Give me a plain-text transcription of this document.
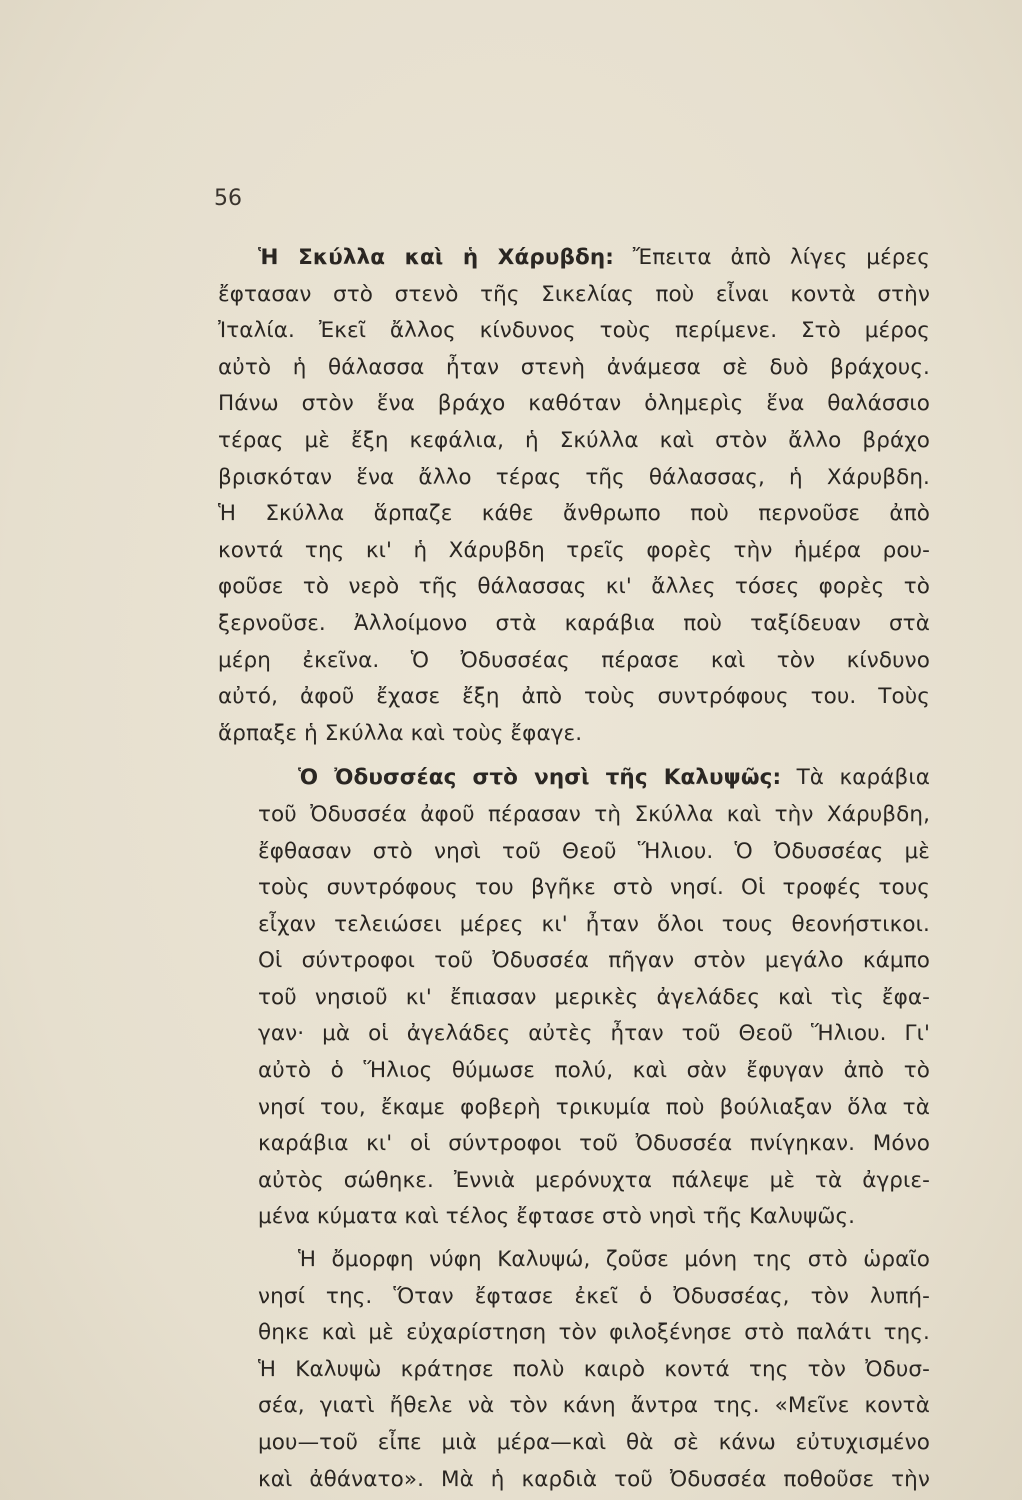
56
Ἡ Σκύλλα καὶ ἡ Χάρυβδη: Ἔπειτα ἀπὸ λίγες μέρες
ἔφτασαν στὸ στενὸ τῆς Σικελίας ποὺ εἶναι κοντὰ στὴν
Ἰταλία. Ἐκεῖ ἄλλος κίνδυνος τοὺς περίμενε. Στὸ μέρος
αὐτὸ ἡ θάλασσα ἦταν στενὴ ἀνάμεσα σὲ δυὸ βράχους.
Πάνω στὸν ἕνα βράχο καθόταν ὁλημερὶς ἕνα θαλάσσιο
τέρας μὲ ἔξη κεφάλια, ἡ Σκύλλα καὶ στὸν ἄλλο βράχο
βρισκόταν ἕνα ἄλλο τέρας τῆς θάλασσας, ἡ Χάρυβδη.
Ἡ Σκύλλα ἅρπαζε κάθε ἄνθρωπο ποὺ περνοῦσε ἀπὸ
κοντά της κι' ἡ Χάρυβδη τρεῖς φορὲς τὴν ἡμέρα ρου-
φοῦσε τὸ νερὸ τῆς θάλασσας κι' ἄλλες τόσες φορὲς τὸ
ξερνοῦσε. Ἀλλοίμονο στὰ καράβια ποὺ ταξίδευαν στὰ
μέρη ἐκεῖνα. Ὁ Ὀδυσσέας πέρασε καὶ τὸν κίνδυνο
αὐτό, ἀφοῦ ἔχασε ἔξη ἀπὸ τοὺς συντρόφους του. Τοὺς
ἅρπαξε ἡ Σκύλλα καὶ τοὺς ἔφαγε.
Ὁ Ὀδυσσέας στὸ νησὶ τῆς Καλυψῶς: Τὰ καράβια
τοῦ Ὀδυσσέα ἀφοῦ πέρασαν τὴ Σκύλλα καὶ τὴν Χάρυβδη,
ἔφθασαν στὸ νησὶ τοῦ Θεοῦ Ἥλιου. Ὁ Ὀδυσσέας μὲ
τοὺς συντρόφους του βγῆκε στὸ νησί. Οἱ τροφές τους
εἶχαν τελειώσει μέρες κι' ἦταν ὅλοι τους θεονήστικοι.
Οἱ σύντροφοι τοῦ Ὀδυσσέα πῆγαν στὸν μεγάλο κάμπο
τοῦ νησιοῦ κι' ἔπιασαν μερικὲς ἀγελάδες καὶ τὶς ἔφα-
γαν· μὰ οἱ ἀγελάδες αὐτὲς ἦταν τοῦ Θεοῦ Ἥλιου. Γι'
αὐτὸ ὁ Ἥλιος θύμωσε πολύ, καὶ σὰν ἔφυγαν ἀπὸ τὸ
νησί του, ἔκαμε φοβερὴ τρικυμία ποὺ βούλιαξαν ὅλα τὰ
καράβια κι' οἱ σύντροφοι τοῦ Ὀδυσσέα πνίγηκαν. Μόνο
αὐτὸς σώθηκε. Ἐννιὰ μερόνυχτα πάλεψε μὲ τὰ ἀγριε-
μένα κύματα καὶ τέλος ἔφτασε στὸ νησὶ τῆς Καλυψῶς.
Ἡ ὄμορφη νύφη Καλυψώ, ζοῦσε μόνη της στὸ ὡραῖο
νησί της. Ὅταν ἔφτασε ἐκεῖ ὁ Ὀδυσσέας, τὸν λυπή-
θηκε καὶ μὲ εὐχαρίστηση τὸν φιλοξένησε στὸ παλάτι της.
Ἡ Καλυψὼ κράτησε πολὺ καιρὸ κοντά της τὸν Ὀδυσ-
σέα, γιατὶ ἤθελε νὰ τὸν κάνη ἄντρα της. «Μεῖνε κοντὰ
μου—τοῦ εἶπε μιὰ μέρα—καὶ θὰ σὲ κάνω εὐτυχισμένο
καὶ ἀθάνατο». Μὰ ἡ καρδιὰ τοῦ Ὀδυσσέα ποθοῦσε τὴν
